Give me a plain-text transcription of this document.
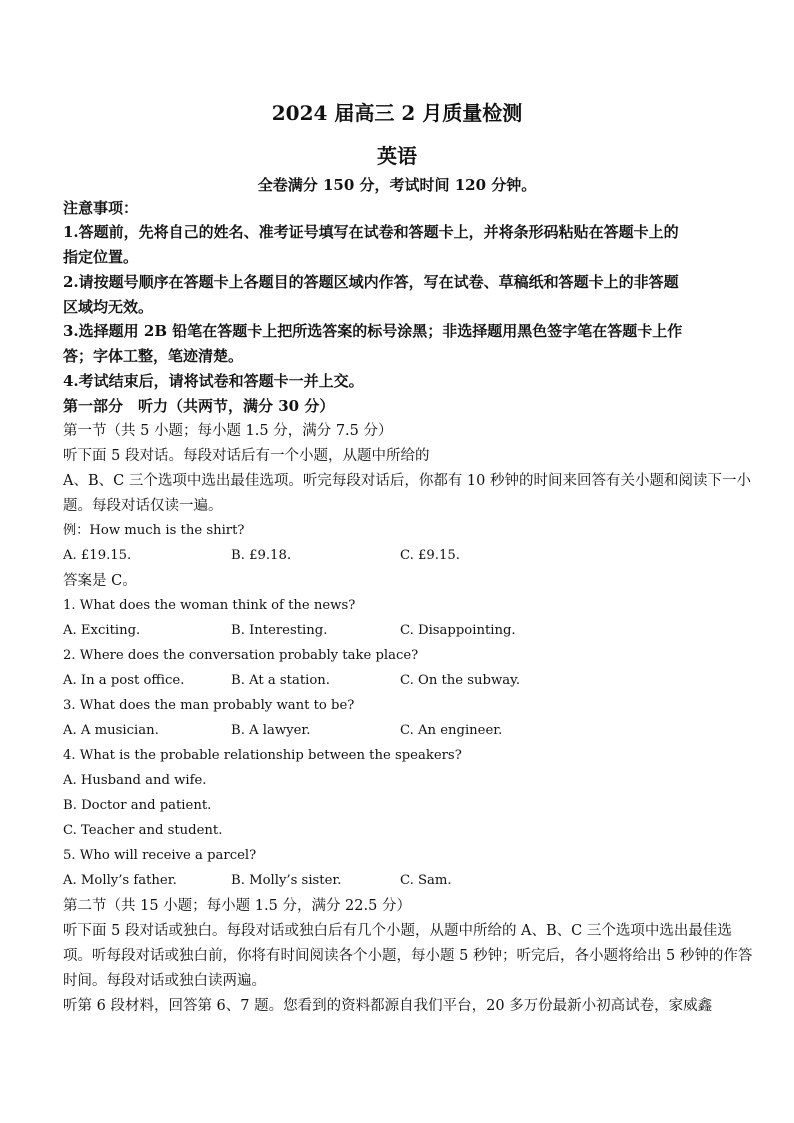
2024 届高三 2 月质量检测
英语
全卷满分 150 分，考试时间 120 分钟。
注意事项：
1.答题前，先将自己的姓名、准考证号填写在试卷和答题卡上，并将条形码粘贴在答题卡上的
指定位置。
2.请按题号顺序在答题卡上各题目的答题区域内作答，写在试卷、草稿纸和答题卡上的非答题
区域均无效。
3.选择题用 2B 铅笔在答题卡上把所选答案的标号涂黑；非选择题用黑色签字笔在答题卡上作
答；字体工整，笔迹清楚。
4.考试结束后，请将试卷和答题卡一并上交。
第一部分　听力（共两节，满分 30 分）
第一节（共 5 小题；每小题 1.5 分，满分 7.5 分）
听下面 5 段对话。每段对话后有一个小题，从题中所给的
A、B、C 三个选项中选出最佳选项。听完每段对话后，你都有 10 秒钟的时间来回答有关小题和阅读下一小
题。每段对话仅读一遍。
例：How much is the shirt?
A. £19.15.	B. £9.18.	C. £9.15.
答案是 C。
1. What does the woman think of the news?
A. Exciting.	B. Interesting.	C. Disappointing.
2. Where does the conversation probably take place?
A. In a post office.	B. At a station.	C. On the subway.
3. What does the man probably want to be?
A. A musician.	B. A lawyer.	C. An engineer.
4. What is the probable relationship between the speakers?
A. Husband and wife.
B. Doctor and patient.
C. Teacher and student.
5. Who will receive a parcel?
A. Molly’s father.	B. Molly’s sister.	C. Sam.
第二节（共 15 小题；每小题 1.5 分，满分 22.5 分）
听下面 5 段对话或独白。每段对话或独白后有几个小题，从题中所给的 A、B、C 三个选项中选出最佳选
项。听每段对话或独白前，你将有时间阅读各个小题，每小题 5 秒钟；听完后，各小题将给出 5 秒钟的作答
时间。每段对话或独白读两遍。
听第 6 段材料，回答第 6、7 题。您看到的资料都源自我们平台，20 多万份最新小初高试卷，家威鑫
